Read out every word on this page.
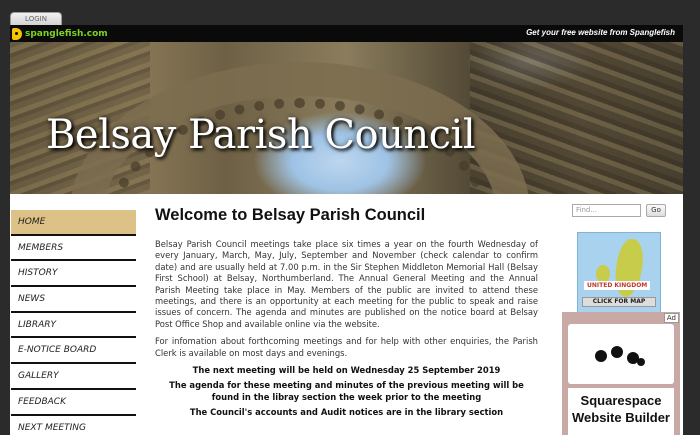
LOGIN
spanglefish.com	Get your free website from Spanglefish
Belsay Parish Council
HOME
MEMBERS
HISTORY
NEWS
LIBRARY
E-NOTICE BOARD
GALLERY
FEEDBACK
NEXT MEETING
Welcome to Belsay Parish Council

Belsay Parish Council meetings take place six times a year on the fourth Wednesday of every January, March, May, July, September and November (check calendar to confirm date) and are usually held at 7.00 p.m. in the Sir Stephen Middleton Memorial Hall (Belsay First School) at Belsay, Northumberland. The Annual General Meeting and the Annual Parish Meeting take place in May. Members of the public are invited to attend these meetings, and there is an opportunity at each meeting for the public to speak and raise issues of concern. The agenda and minutes are published on the notice board at Belsay Post Office Shop and available online via the website.

For infomation about forthcoming meetings and for help with other enquiries, the Parish Clerk is available on most days and evenings.

The next meeting will be held on Wednesday 25 September 2019

The agenda for these meeting and minutes of the previous meeting will be found in the libray section the week prior to the meeting

The Council's accounts and Audit notices are in the library section

Find...	Go
UNITED KINGDOM
CLICK FOR MAP
Ad
Squarespace Website Builder
